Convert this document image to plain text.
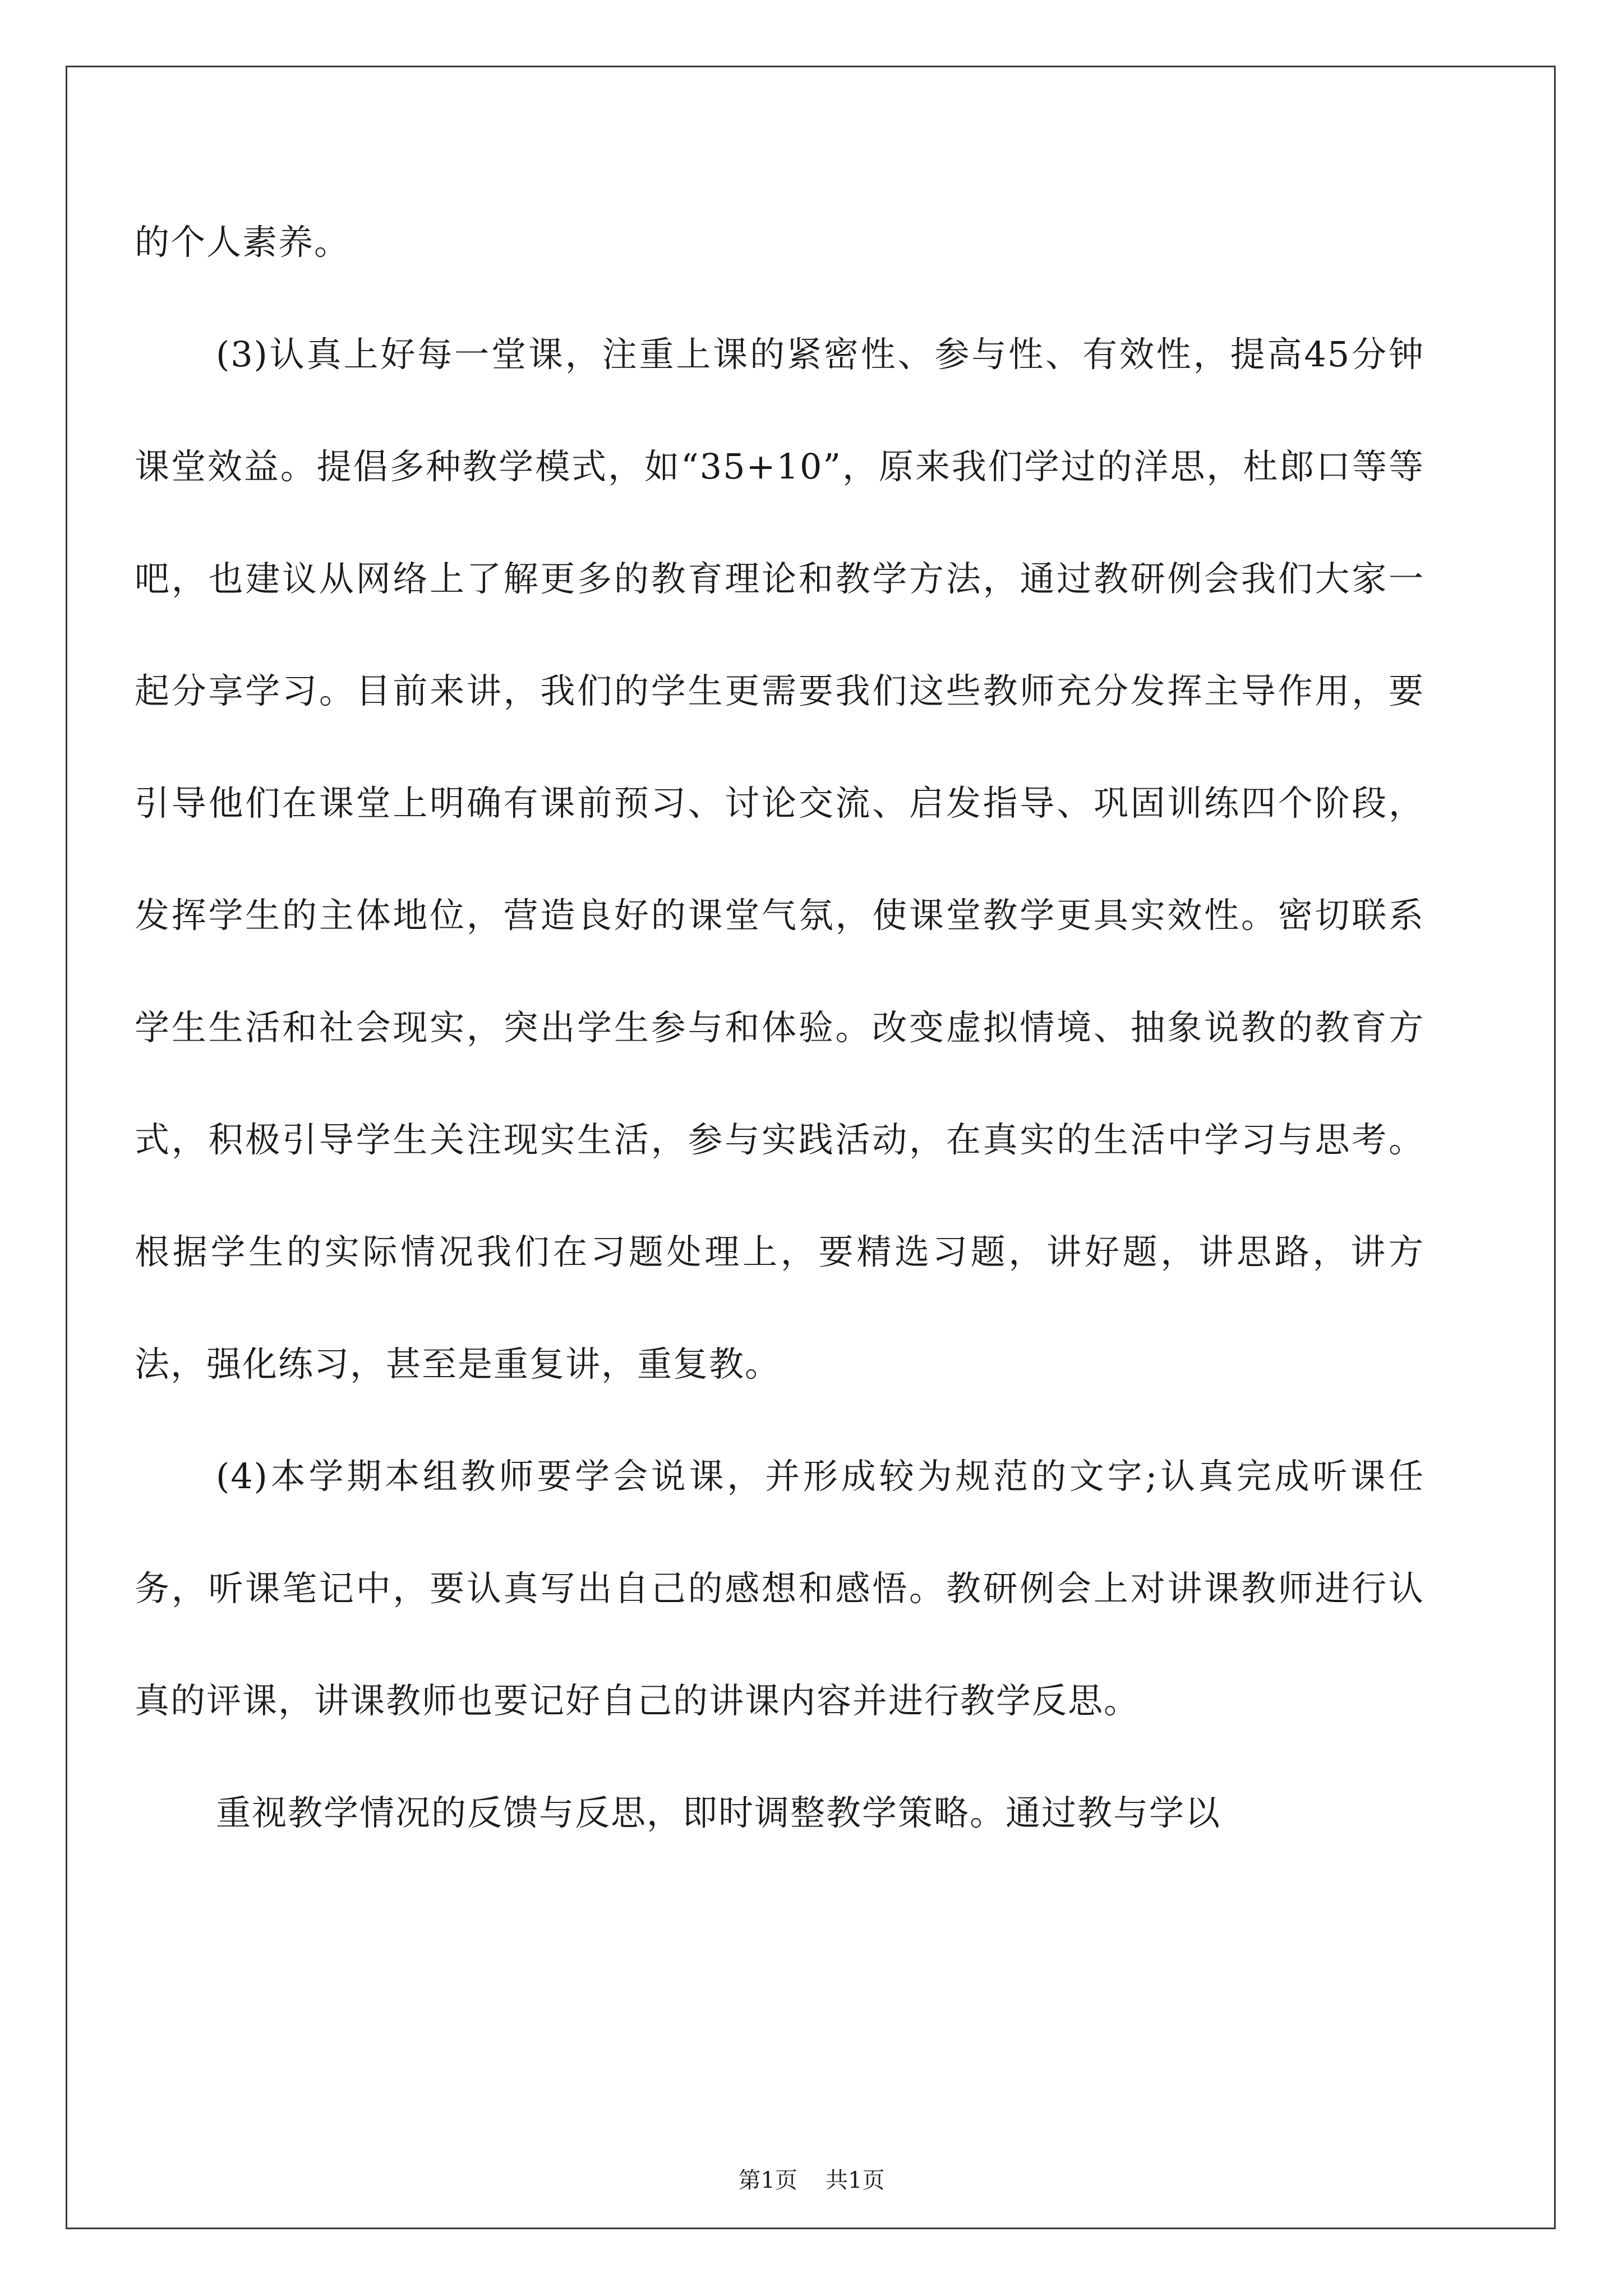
的个人素养。

(3)认真上好每一堂课，注重上课的紧密性、参与性、有效性，提高45分钟课堂效益。提倡多种教学模式，如“35+10”，原来我们学过的洋思，杜郎口等等吧，也建议从网络上了解更多的教育理论和教学方法，通过教研例会我们大家一起分享学习。目前来讲，我们的学生更需要我们这些教师充分发挥主导作用，要引导他们在课堂上明确有课前预习、讨论交流、启发指导、巩固训练四个阶段，发挥学生的主体地位，营造良好的课堂气氛，使课堂教学更具实效性。密切联系学生生活和社会现实，突出学生参与和体验。改变虚拟情境、抽象说教的教育方式，积极引导学生关注现实生活，参与实践活动，在真实的生活中学习与思考。根据学生的实际情况我们在习题处理上，要精选习题，讲好题，讲思路，讲方法，强化练习，甚至是重复讲，重复教。

(4)本学期本组教师要学会说课，并形成较为规范的文字;认真完成听课任务，听课笔记中，要认真写出自己的感想和感悟。教研例会上对讲课教师进行认真的评课，讲课教师也要记好自己的讲课内容并进行教学反思。

重视教学情况的反馈与反思，即时调整教学策略。通过教与学以

第1页 共1页
